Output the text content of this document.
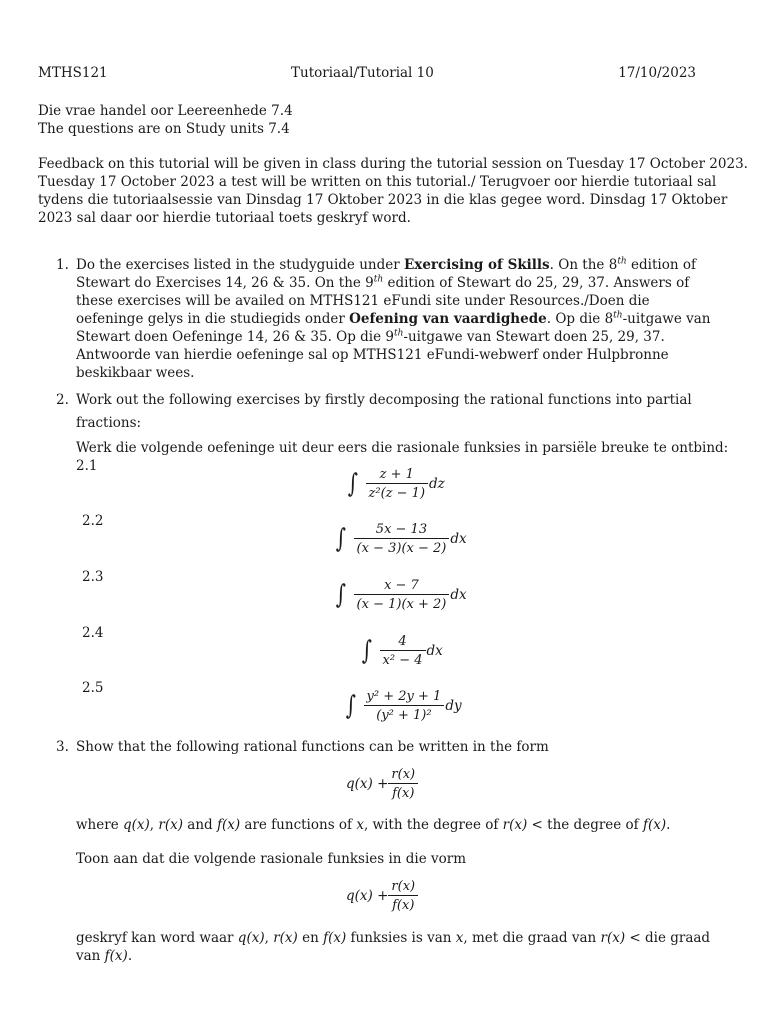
MTHS121	Tutoriaal/Tutorial 10	17/10/2023
Die vrae handel oor Leereenhede 7.4
The questions are on Study units 7.4
Feedback on this tutorial will be given in class during the tutorial session on Tuesday 17 October 2023.
Tuesday 17 October 2023 a test will be written on this tutorial./ Terugvoer oor hierdie tutoriaal sal
tydens die tutoriaalsessie van Dinsdag 17 Oktober 2023 in die klas gegee word. Dinsdag 17 Oktober
2023 sal daar oor hierdie tutoriaal toets geskryf word.
1. Do the exercises listed in the studyguide under Exercising of Skills. On the 8th edition of
Stewart do Exercises 14, 26 & 35. On the 9th edition of Stewart do 25, 29, 37. Answers of
these exercises will be availed on MTHS121 eFundi site under Resources./Doen die
oefeninge gelys in die studiegids onder Oefening van vaardighede. Op die 8th-uitgawe van
Stewart doen Oefeninge 14, 26 & 35. Op die 9th-uitgawe van Stewart doen 25, 29, 37.
Antwoorde van hierdie oefeninge sal op MTHS121 eFundi-webwerf onder Hulpbronne
beskikbaar wees.
2. Work out the following exercises by firstly decomposing the rational functions into partial
fractions:
Werk die volgende oefeninge uit deur eers die rasionale funksies in parsiële breuke te ontbind:
2.1
∫ $\frac{z + 1}{\text{z²(z − 1)}}$ dz
2.2
∫ $\frac{5x - 13}{(x - 3)(x - 2)}$ dx
2.3
∫ $\frac{x - 7}{(x - 1)(x + 2)}$ dx
2.4
∫ $\frac{4}{\text{x² − 4}}$ dx
2.5
∫ $\frac{\text{y² + 2y + 1}}{\text{(y² + 1)²}}$ dy
3. Show that the following rational functions can be written in the form
$q(x) + \frac{r(x)}{f(x)}$
where q(x), r(x) and f(x) are functions of x, with the degree of r(x) < the degree of f(x).
Toon aan dat die volgende rasionale funksies in die vorm
$q(x) + \frac{r(x)}{f(x)}$
geskryf kan word waar q(x), r(x) en f(x) funksies is van x, met die graad van r(x) < die graad
van f(x).
